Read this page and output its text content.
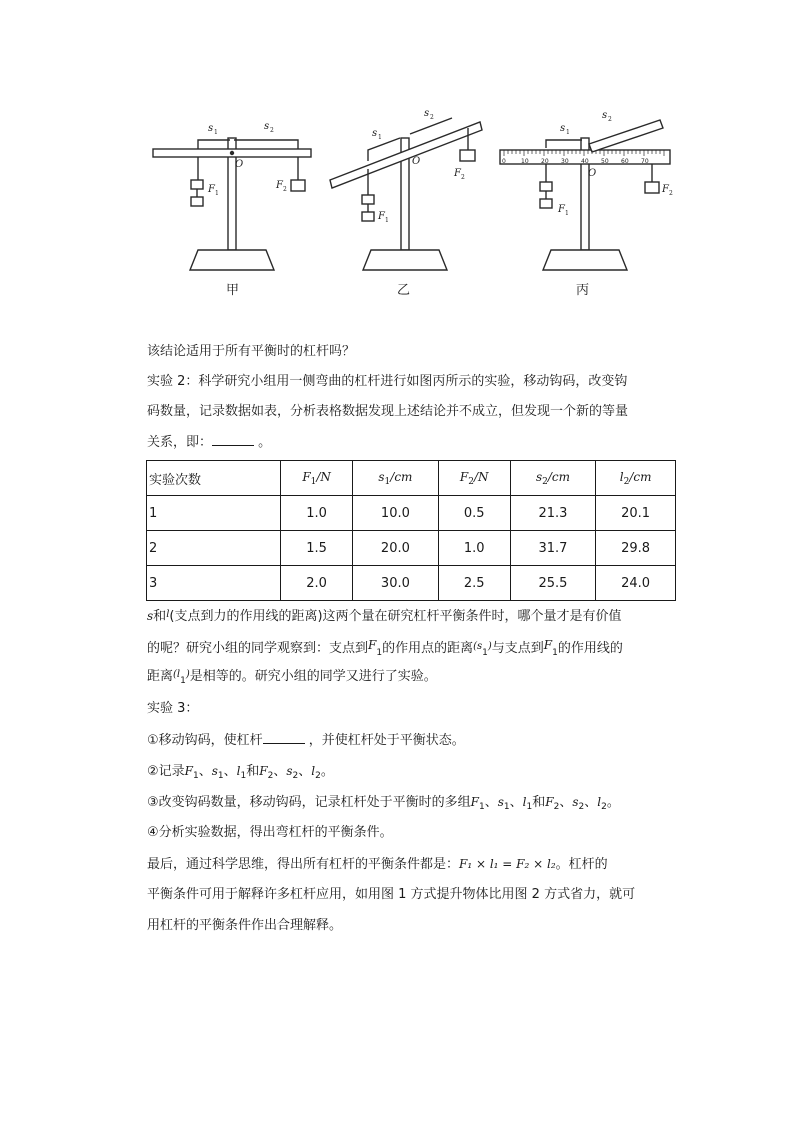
0	10 20 30 40 50 60 70
s 1
s 2
O
F 1
F 2
s 1
s 2
O
F 2
F 1
s 1
s 2
O
F 1
F 2
甲	乙	丙
该结论适用于所有平衡时的杠杆吗？
实验 2：科学研究小组用一侧弯曲的杠杆进行如图丙所示的实验，移动钩码，改变钩
码数量，记录数据如表，分析表格数据发现上述结论并不成立，但发现一个新的等量
关系，即：	。
实验次数	$F_1/N$	$s_1/cm$	$F_2/N$	$s_2/cm$	$l_2/cm$
1	1.0	10.0	0.5	21.3	20.1
2	1.5	20.0	1.0	31.7	29.8
3	2.0	30.0	2.5	25.5	24.0
s和$^l$(支点到力的作用线的距离)这两个量在研究杠杆平衡条件时，哪个量才是有价值
的呢？研究小组的同学观察到：支点到$F_1$的作用点的距离$^{(s}_1$)与支点到$F_1$的作用线的
距离$^{(l}_1$)是相等的。研究小组的同学又进行了实验。
实验 3：
①移动钩码，使杠杆	，并使杠杆处于平衡状态。
②记录$F_1$、$s_1$、$l_1$和$F_2$、$s_2$、$l_2$。
③改变钩码数量，移动钩码，记录杠杆处于平衡时的多组$F_1$、$s_1$、$l_1$和$F_2$、$s_2$、$l_2$。
④分析实验数据，得出弯杠杆的平衡条件。
最后，通过科学思维，得出所有杠杆的平衡条件都是：F₁ × l₁ = F₂ × l₂。杠杆的
平衡条件可用于解释许多杠杆应用，如用图 1 方式提升物体比用图 2 方式省力，就可
用杠杆的平衡条件作出合理解释。
